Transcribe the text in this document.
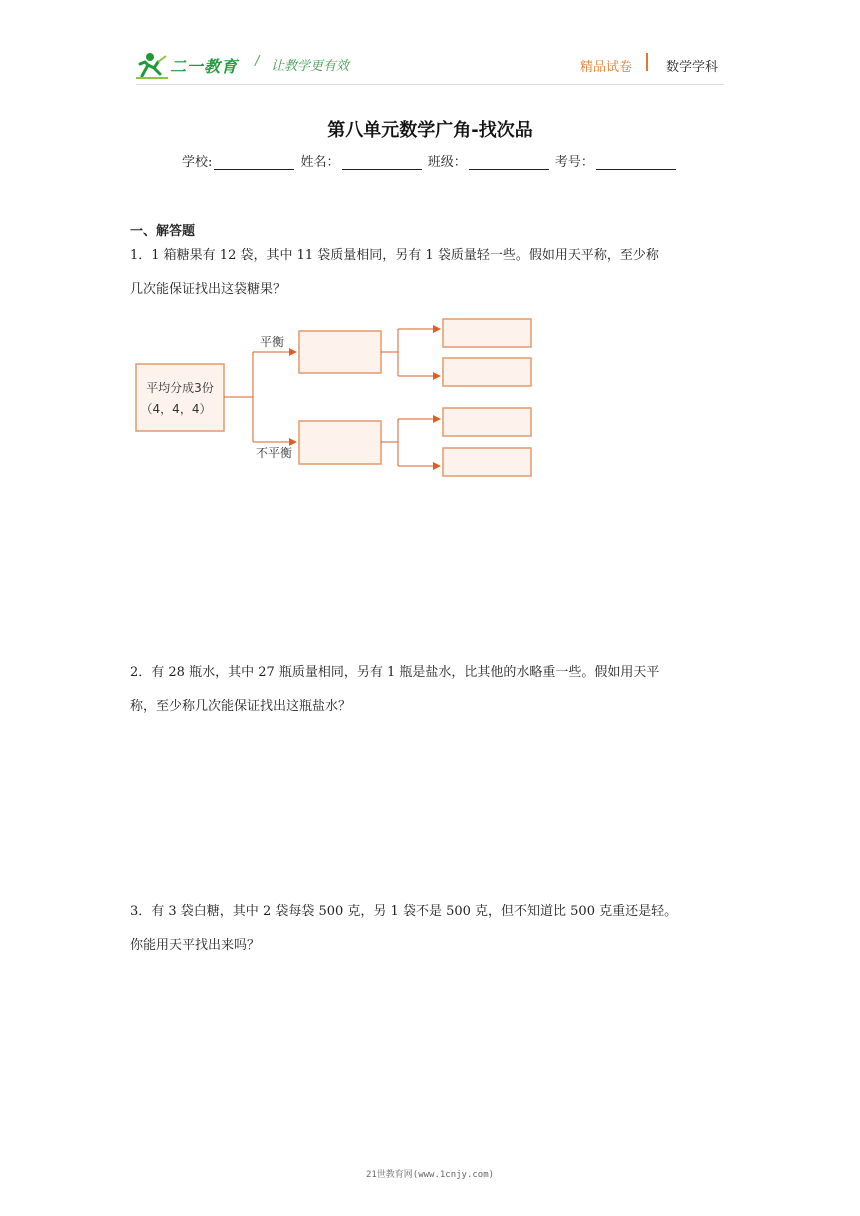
二一教育 / 让教学更有效	精品试卷	数学学科
第八单元数学广角-找次品
学校:	姓名：	班级：	考号：
一、解答题
1．1 箱糖果有 12 袋，其中 11 袋质量相同，另有 1 袋质量轻一些。假如用天平称，至少称
几次能保证找出这袋糖果？
平均分成3份
（4，4，4）
平衡
不平衡
2．有 28 瓶水，其中 27 瓶质量相同，另有 1 瓶是盐水，比其他的水略重一些。假如用天平
称，至少称几次能保证找出这瓶盐水？
3．有 3 袋白糖，其中 2 袋每袋 500 克，另 1 袋不是 500 克，但不知道比 500 克重还是轻。
你能用天平找出来吗？
21世教育网(www.1cnjy.com)
